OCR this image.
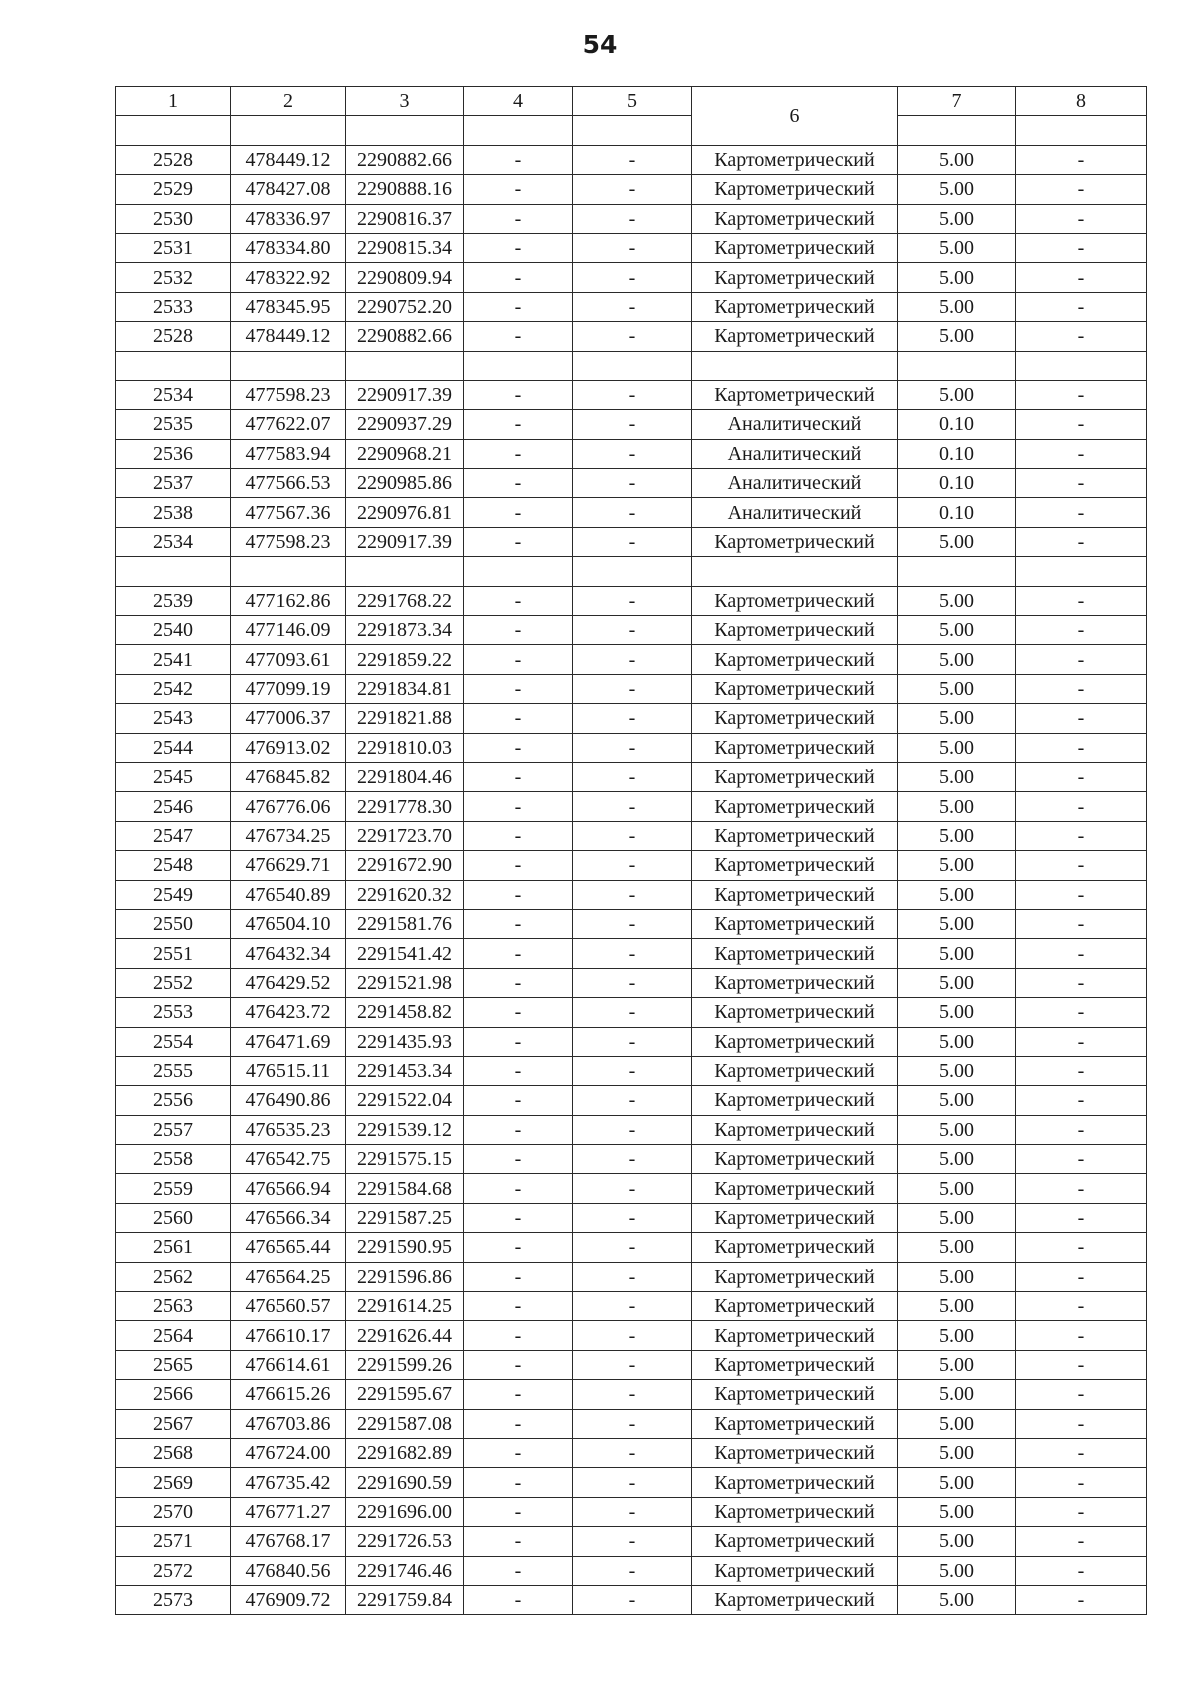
54
1	2	3	4	5	6	7	8

2528	478449.12	2290882.66	-	-	Картометрический	5.00	-
2529	478427.08	2290888.16	-	-	Картометрический	5.00	-
2530	478336.97	2290816.37	-	-	Картометрический	5.00	-
2531	478334.80	2290815.34	-	-	Картометрический	5.00	-
2532	478322.92	2290809.94	-	-	Картометрический	5.00	-
2533	478345.95	2290752.20	-	-	Картометрический	5.00	-
2528	478449.12	2290882.66	-	-	Картометрический	5.00	-

2534	477598.23	2290917.39	-	-	Картометрический	5.00	-
2535	477622.07	2290937.29	-	-	Аналитический	0.10	-
2536	477583.94	2290968.21	-	-	Аналитический	0.10	-
2537	477566.53	2290985.86	-	-	Аналитический	0.10	-
2538	477567.36	2290976.81	-	-	Аналитический	0.10	-
2534	477598.23	2290917.39	-	-	Картометрический	5.00	-

2539	477162.86	2291768.22	-	-	Картометрический	5.00	-
2540	477146.09	2291873.34	-	-	Картометрический	5.00	-
2541	477093.61	2291859.22	-	-	Картометрический	5.00	-
2542	477099.19	2291834.81	-	-	Картометрический	5.00	-
2543	477006.37	2291821.88	-	-	Картометрический	5.00	-
2544	476913.02	2291810.03	-	-	Картометрический	5.00	-
2545	476845.82	2291804.46	-	-	Картометрический	5.00	-
2546	476776.06	2291778.30	-	-	Картометрический	5.00	-
2547	476734.25	2291723.70	-	-	Картометрический	5.00	-
2548	476629.71	2291672.90	-	-	Картометрический	5.00	-
2549	476540.89	2291620.32	-	-	Картометрический	5.00	-
2550	476504.10	2291581.76	-	-	Картометрический	5.00	-
2551	476432.34	2291541.42	-	-	Картометрический	5.00	-
2552	476429.52	2291521.98	-	-	Картометрический	5.00	-
2553	476423.72	2291458.82	-	-	Картометрический	5.00	-
2554	476471.69	2291435.93	-	-	Картометрический	5.00	-
2555	476515.11	2291453.34	-	-	Картометрический	5.00	-
2556	476490.86	2291522.04	-	-	Картометрический	5.00	-
2557	476535.23	2291539.12	-	-	Картометрический	5.00	-
2558	476542.75	2291575.15	-	-	Картометрический	5.00	-
2559	476566.94	2291584.68	-	-	Картометрический	5.00	-
2560	476566.34	2291587.25	-	-	Картометрический	5.00	-
2561	476565.44	2291590.95	-	-	Картометрический	5.00	-
2562	476564.25	2291596.86	-	-	Картометрический	5.00	-
2563	476560.57	2291614.25	-	-	Картометрический	5.00	-
2564	476610.17	2291626.44	-	-	Картометрический	5.00	-
2565	476614.61	2291599.26	-	-	Картометрический	5.00	-
2566	476615.26	2291595.67	-	-	Картометрический	5.00	-
2567	476703.86	2291587.08	-	-	Картометрический	5.00	-
2568	476724.00	2291682.89	-	-	Картометрический	5.00	-
2569	476735.42	2291690.59	-	-	Картометрический	5.00	-
2570	476771.27	2291696.00	-	-	Картометрический	5.00	-
2571	476768.17	2291726.53	-	-	Картометрический	5.00	-
2572	476840.56	2291746.46	-	-	Картометрический	5.00	-
2573	476909.72	2291759.84	-	-	Картометрический	5.00	-
